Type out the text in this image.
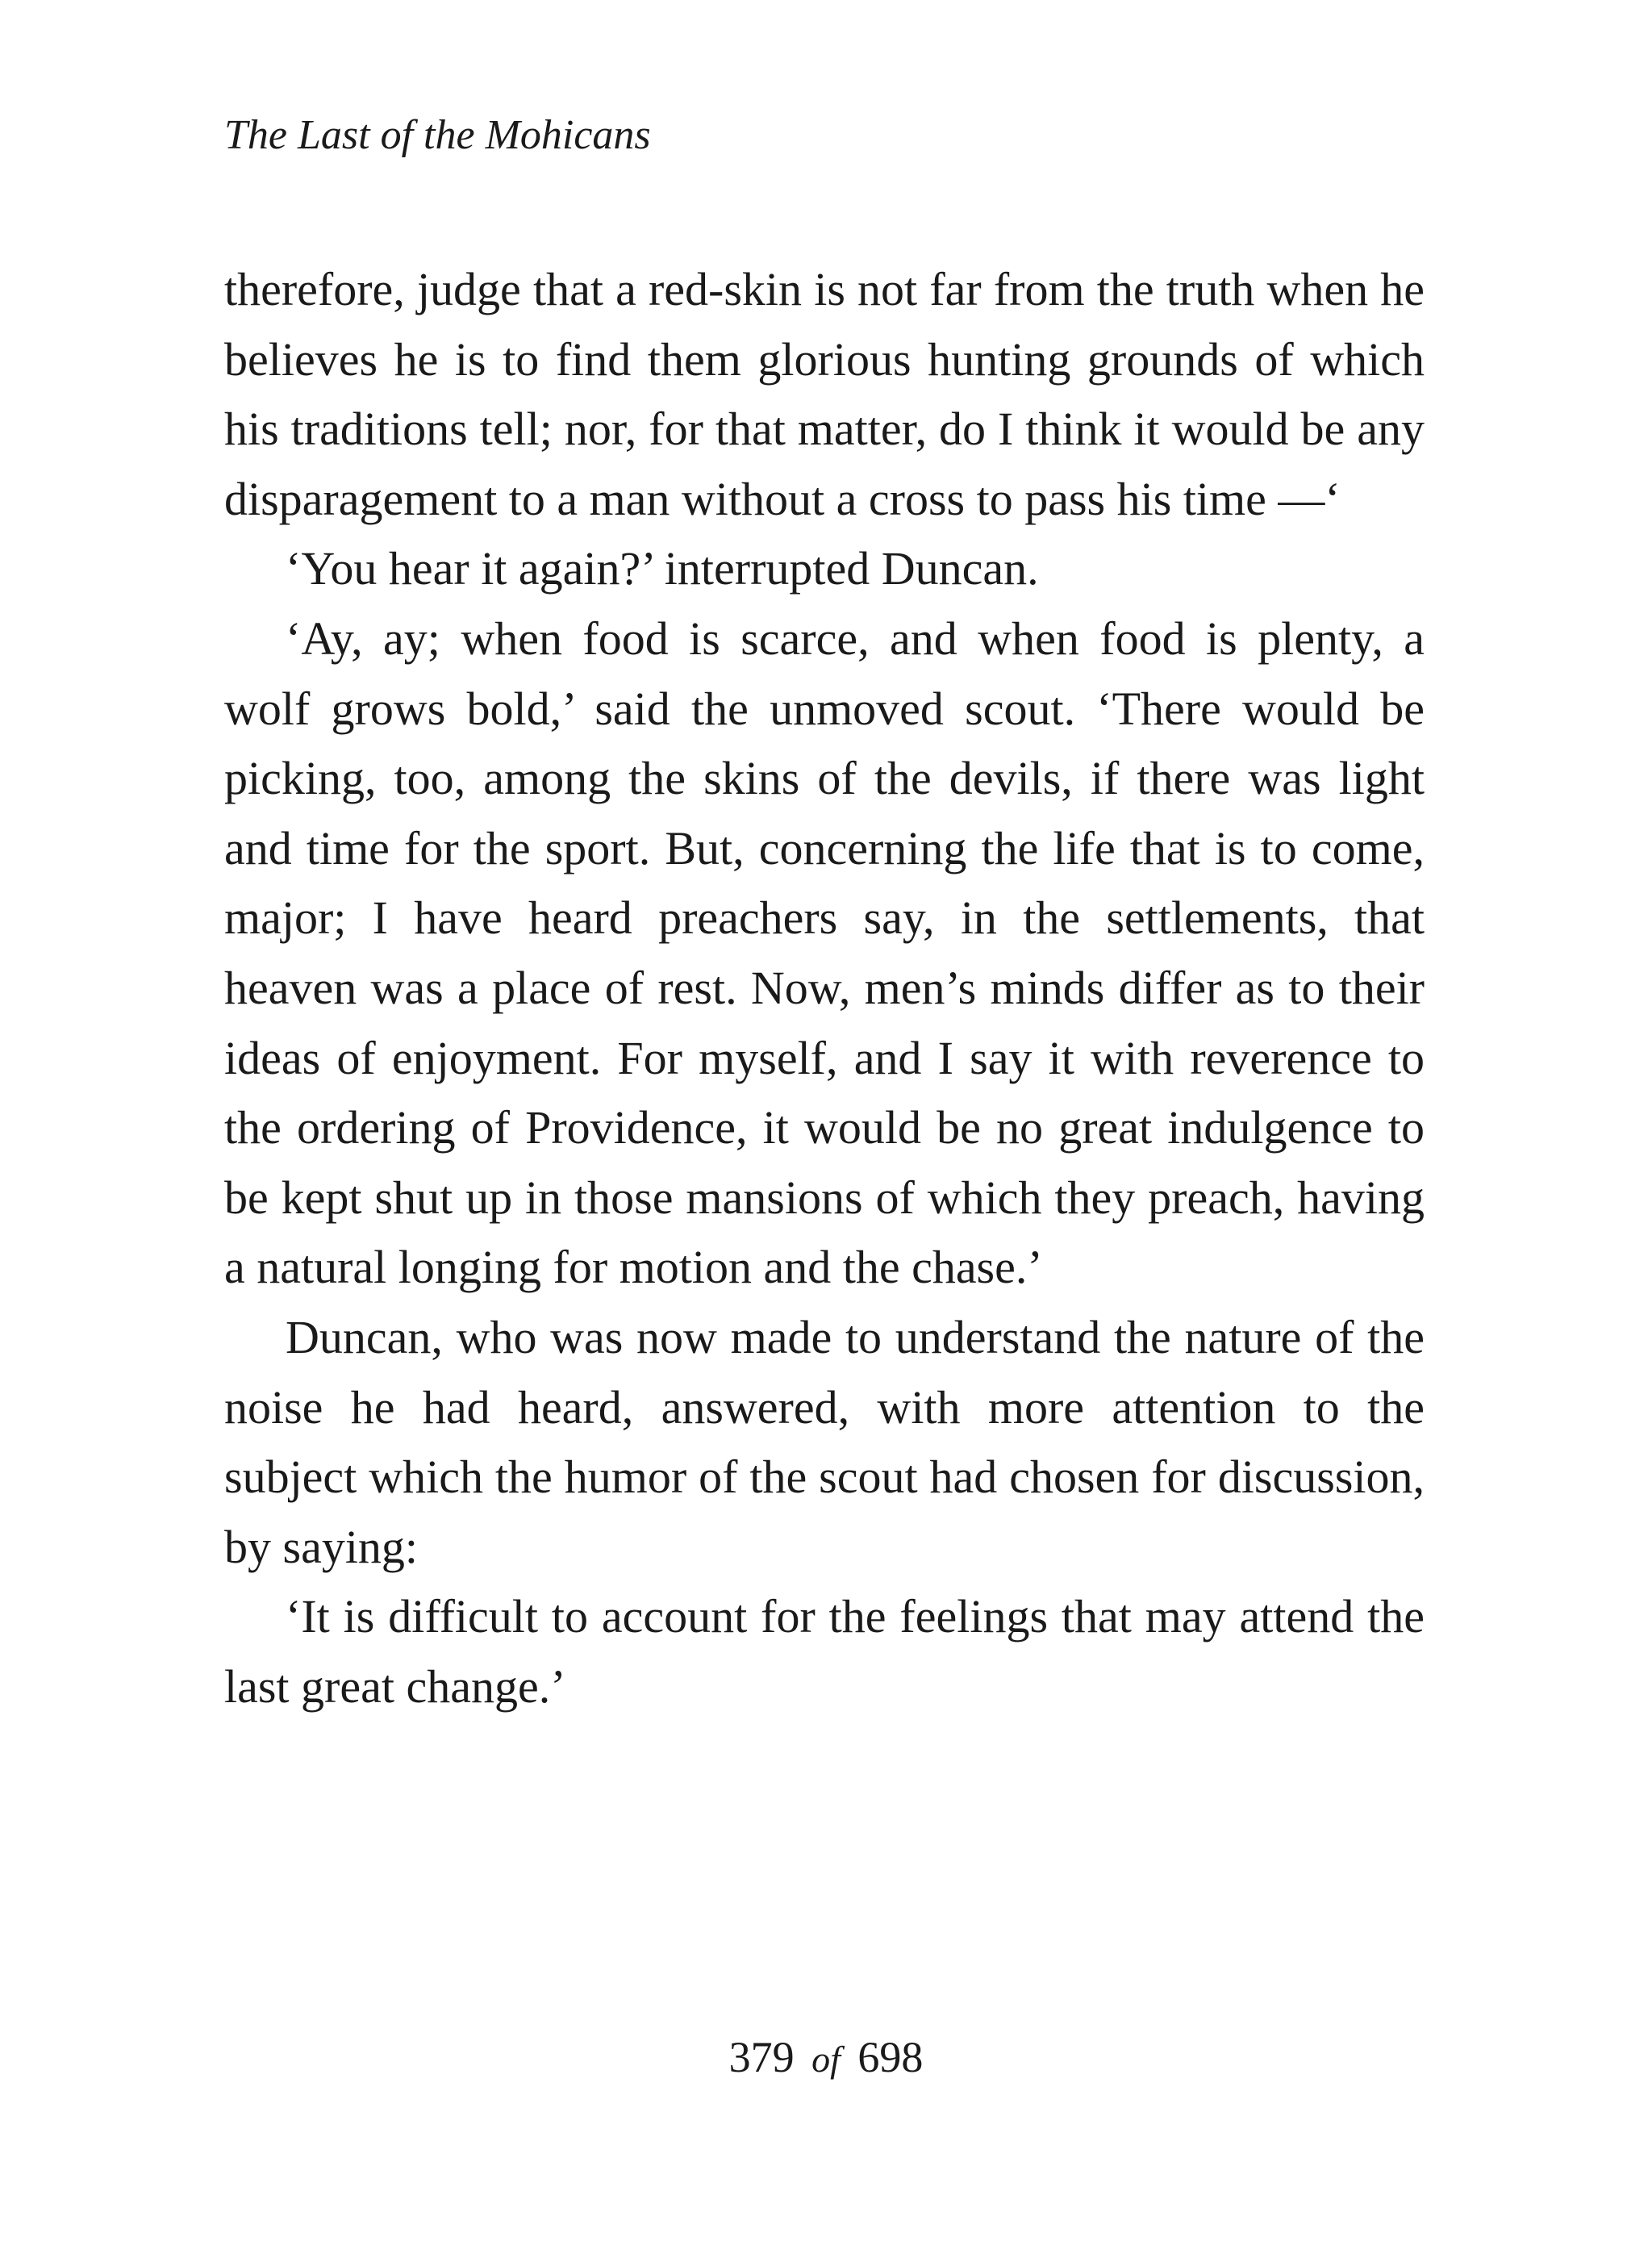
The Last of the Mohicans

therefore, judge that a red-skin is not far from the truth when he believes he is to find them glorious hunting grounds of which his traditions tell; nor, for that matter, do I think it would be any disparagement to a man without a cross to pass his time —‘

‘You hear it again?’ interrupted Duncan.

‘Ay, ay; when food is scarce, and when food is plenty, a wolf grows bold,’ said the unmoved scout. ‘There would be picking, too, among the skins of the devils, if there was light and time for the sport. But, concerning the life that is to come, major; I have heard preachers say, in the settlements, that heaven was a place of rest. Now, men’s minds differ as to their ideas of enjoyment. For myself, and I say it with reverence to the ordering of Providence, it would be no great indulgence to be kept shut up in those mansions of which they preach, having a natural longing for motion and the chase.’

Duncan, who was now made to understand the nature of the noise he had heard, answered, with more attention to the subject which the humor of the scout had chosen for discussion, by saying:

‘It is difficult to account for the feelings that may attend the last great change.’

379 of 698
